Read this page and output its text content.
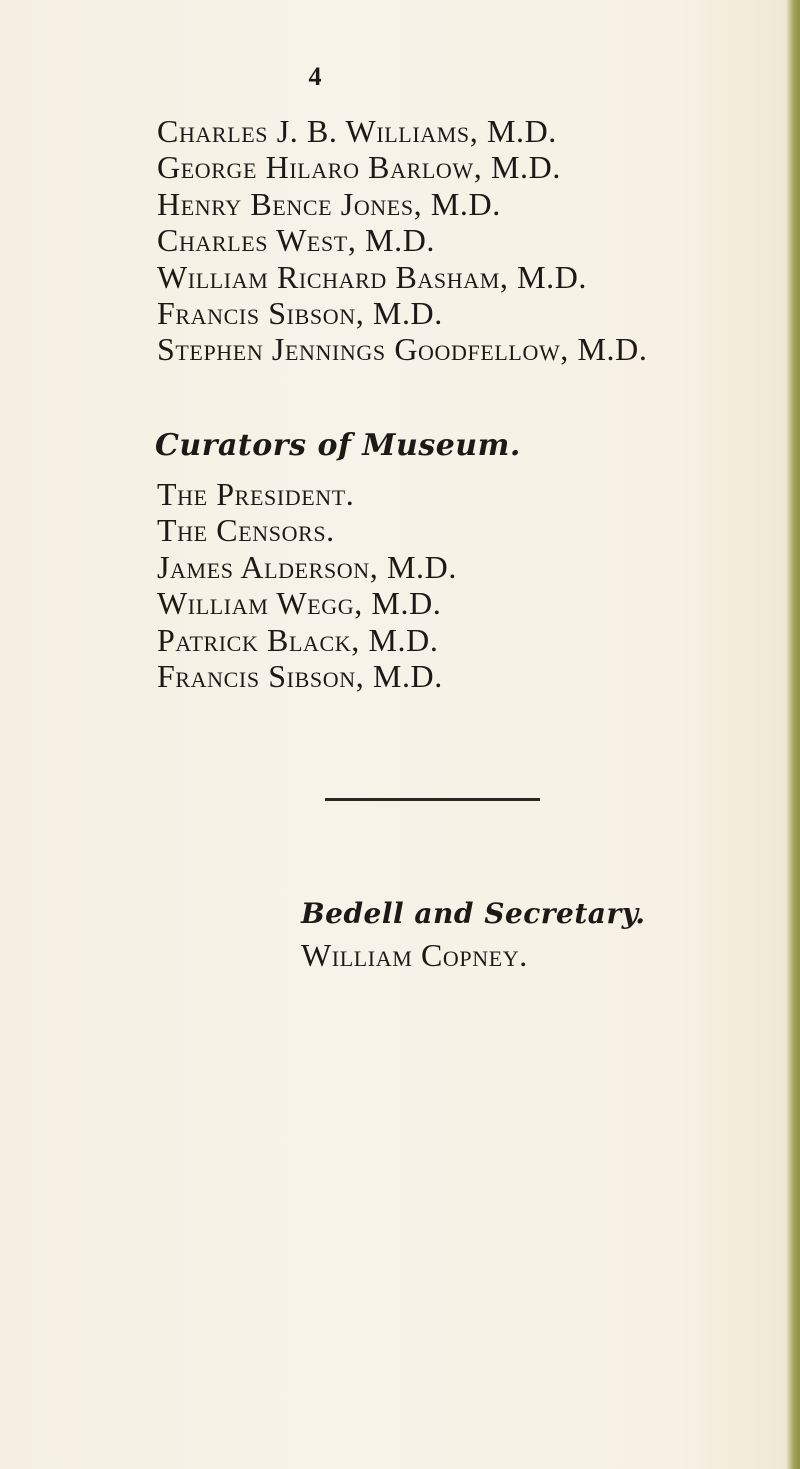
4
Charles J. B. Williams, M.D.
George Hilaro Barlow, M.D.
Henry Bence Jones, M.D.
Charles West, M.D.
William Richard Basham, M.D.
Francis Sibson, M.D.
Stephen Jennings Goodfellow, M.D.
Curators of Museum.
The President.
The Censors.
James Alderson, M.D.
William Wegg, M.D.
Patrick Black, M.D.
Francis Sibson, M.D.
Bedell and Secretary.
William Copney.
